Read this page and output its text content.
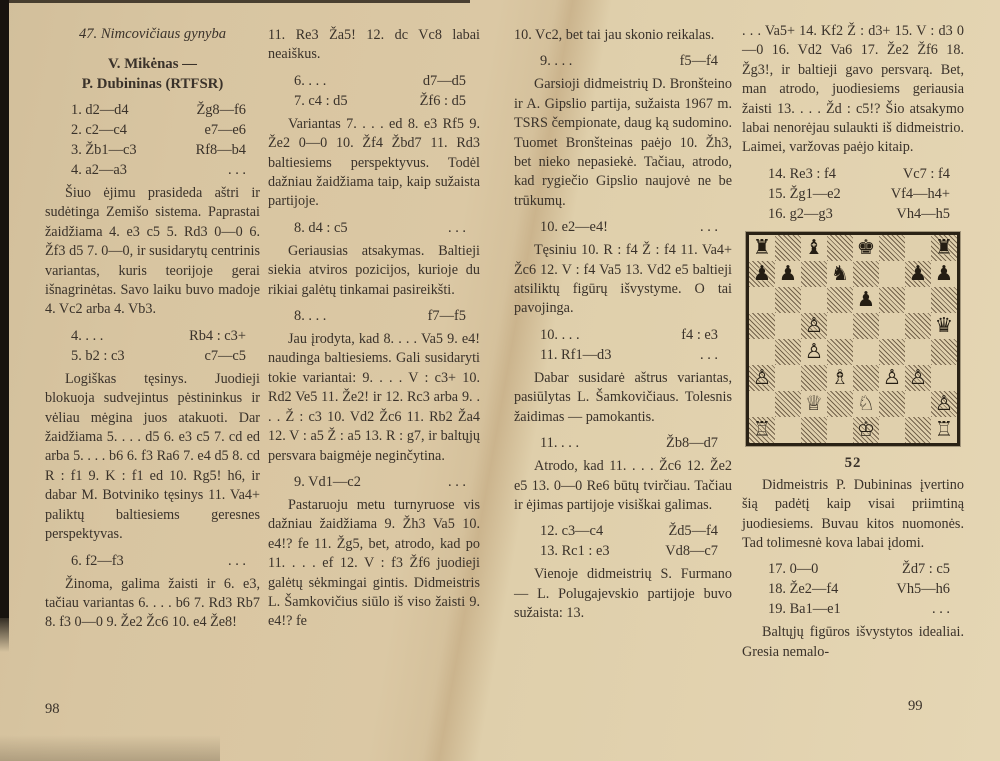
47. Nimcovičiaus gynyba
V. Mikėnas —
P. Dubininas (RTFSR)
1. d2—d4	Žg8—f6
2. c2—c4	e7—e6
3. Žb1—c3	Rf8—b4
4. a2—a3	. . .

Šiuo ėjimu prasideda aštri ir sudėtinga Zemišo sistema. Paprastai žaidžiama 4. e3 c5 5. Rd3 0—0 6. Žf3 d5 7. 0—0, ir susidarytų centrinis variantas, kuris teorijoje gerai išnagrinėtas. Savo laiku buvo madoje 4. Vc2 arba 4. Vb3.

4. . . .	Rb4 : c3+
5. b2 : c3	c7—c5

Logiškas tęsinys. Juodieji blokuoja sudvejintus pėstininkus ir vėliau mėgina juos atakuoti. Dar žaidžiama 5. . . . d5 6. e3 c5 7. cd ed arba 5. . . . b6 6. f3 Ra6 7. e4 d5 8. cd R : f1 9. K : f1 ed 10. Rg5! h6, ir dabar M. Botviniko tęsinys 11. Va4+ paliktų baltiesiems geresnes perspektyvas.

6. f2—f3	. . .

Žinoma, galima žaisti ir 6. e3, tačiau variantas 6. . . . b6 7. Rd3 Rb7 8. f3 0—0 9. Že2 Žc6 10. e4 Že8!

11. Re3 Ža5! 12. dc Vc8 labai neaiškus.

6. . . .	d7—d5
7. c4 : d5	Žf6 : d5

Variantas 7. . . . ed 8. e3 Rf5 9. Že2 0—0 10. Žf4 Žbd7 11. Rd3 baltiesiems perspektyvus. Todėl dažniau žaidžiama taip, kaip sužaista partijoje.

8. d4 : c5	. . .

Geriausias atsakymas. Baltieji siekia atviros pozicijos, kurioje du rikiai galėtų tinkamai pasireikšti.

8. . . .	f7—f5

Jau įrodyta, kad 8. . . . Va5 9. e4! naudinga baltiesiems. Gali susidaryti tokie variantai: 9. . . . V : c3+ 10. Rd2 Ve5 11. Že2! ir 12. Rc3 arba 9. . . . Ž : c3 10. Vd2 Žc6 11. Rb2 Ža4 12. V : a5 Ž : a5 13. R : g7, ir baltųjų persvara baigmėje neginčytina.

9. Vd1—c2	. . .

Pastaruoju metu turnyruose vis dažniau žaidžiama 9. Žh3 Va5 10. e4!? fe 11. Žg5, bet, atrodo, kad po 11. . . . ef 12. V : f3 Žf6 juodieji galėtų sėkmingai gintis. Didmeistris L. Šamkovičius siūlo iš viso žaisti 9. e4!? fe

10. Vc2, bet tai jau skonio reikalas.

9. . . .	f5—f4

Garsioji didmeistrių D. Bronšteino ir A. Gipslio partija, sužaista 1967 m. TSRS čempionate, daug ką sudomino. Tuomet Bronšteinas paėjo 10. Žh3, bet nieko nepasiekė. Tačiau, atrodo, kad rygiečio Gipslio naujovė ne be trūkumų.

10. e2—e4!	. . .

Tęsiniu 10. R : f4 Ž : f4 11. Va4+ Žc6 12. V : f4 Va5 13. Vd2 e5 baltieji atsiliktų figūrų išvystyme. O tai pavojinga.

10. . . .	f4 : e3
11. Rf1—d3	. . .

Dabar susidarė aštrus variantas, pasiūlytas L. Šamkovičiaus. Tolesnis žaidimas — pamokantis.

11. . . .	Žb8—d7

Atrodo, kad 11. . . . Žc6 12. Že2 e5 13. 0—0 Re6 būtų tvirčiau. Tačiau ir ėjimas partijoje visiškai galimas.

12. c3—c4	Žd5—f4
13. Rc1 : e3	Vd8—c7

Vienoje didmeistrių S. Furmano — L. Polugajevskio partijoje buvo sužaista: 13.

. . . Va5+ 14. Kf2 Ž : d3+ 15. V : d3 0—0 16. Vd2 Va6 17. Že2 Žf6 18. Žg3!, ir baltieji gavo persvarą. Bet, man atrodo, juodiesiems geriausia žaisti 13. . . . Žd : c5!? Šio atsakymo labai nenorėjau sulaukti iš didmeistrio. Laimei, varžovas paėjo kitaip.

14. Re3 : f4	Vc7 : f4
15. Žg1—e2	Vf4—h4+
16. g2—g3	Vh4—h5
♜ ♝ ♚	♜
♟ ♟ ♞	♟ ♟
♟
♙	♛
♙
♙	♗ ♙ ♙
♕ ♘	♙
♖	♔	♖
52

Didmeistris P. Dubininas įvertino šią padėtį kaip visai priimtiną juodiesiems. Buvau kitos nuomonės. Tad tolimesnė kova labai įdomi.

17. 0—0	Žd7 : c5
18. Že2—f4	Vh5—h6
19. Ba1—e1	. . .

Baltųjų figūros išvystytos idealiai. Gresia nemalo-

98	99
